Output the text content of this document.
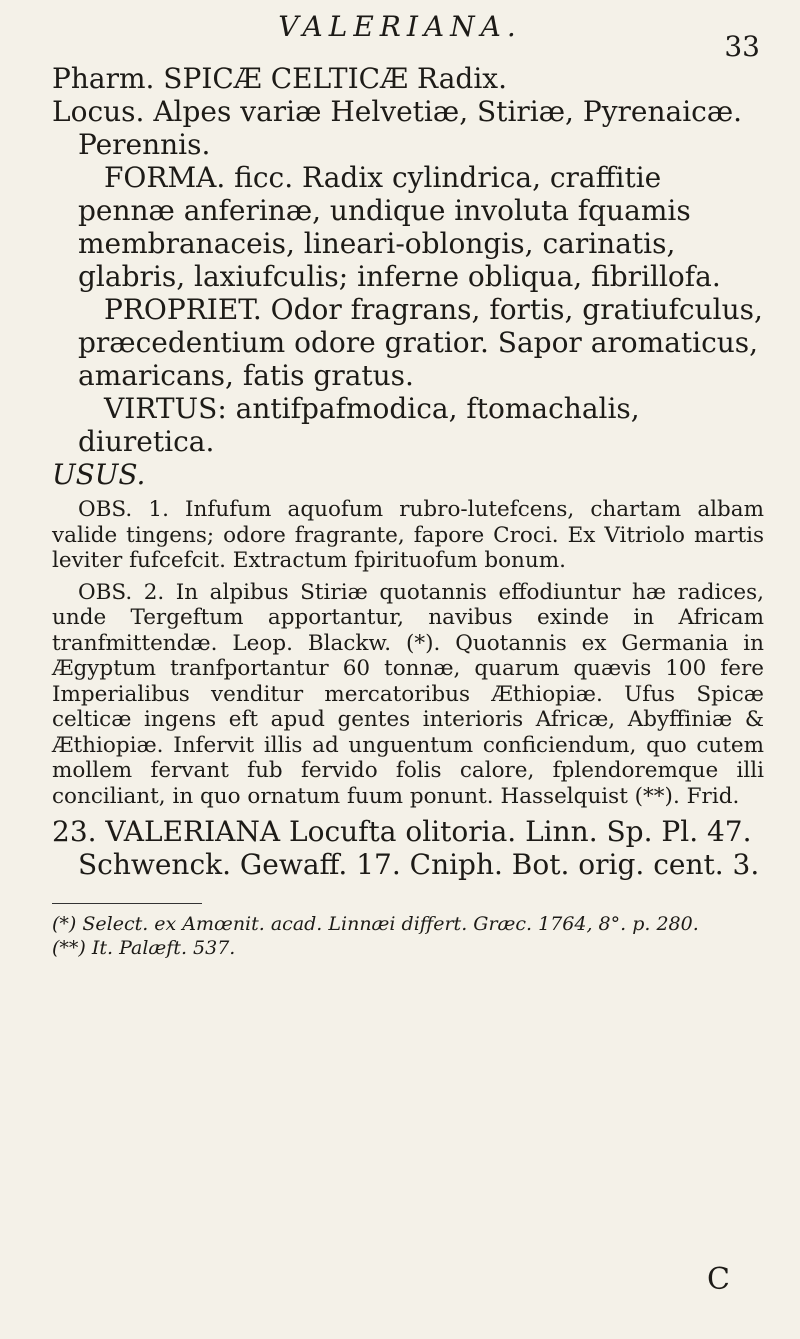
VALERIANA.
33

Pharm. SPICÆ CELTICÆ Radix.

Locus. Alpes variæ Helvetiæ, Stiriæ, Pyrenaicæ. Perennis.

FORMA. ficc. Radix cylindrica, craffitie pennæ anferinæ, undique involuta fquamis membranaceis, lineari-oblongis, carinatis, glabris, laxiufculis; inferne obliqua, fibrillofa.

PROPRIET. Odor fragrans, fortis, gratiufculus, præcedentium odore gratior. Sapor aromaticus, amaricans, fatis gratus.

VIRTUS: antifpafmodica, ftomachalis, diuretica.

USUS.

OBS. 1. Infufum aquofum rubro-lutefcens, chartam albam valide tingens; odore fragrante, fapore Croci. Ex Vitriolo martis leviter fufcefcit. Extractum fpirituofum bonum.

OBS. 2. In alpibus Stiriæ quotannis effodiuntur hæ radices, unde Tergeftum apportantur, navibus exinde in Africam tranfmittendæ. Leop. Blackw. (*). Quotannis ex Germania in Ægyptum tranfportantur 60 tonnæ, quarum quævis 100 fere Imperialibus venditur mercatoribus Æthiopiæ. Ufus Spicæ celticæ ingens eft apud gentes interioris Africæ, Abyffiniæ & Æthiopiæ. Infervit illis ad unguentum conficiendum, quo cutem mollem fervant fub fervido folis calore, fplendoremque illi conciliant, in quo ornatum fuum ponunt. Hasselquist (**). Frid.

23. VALERIANA Locufta olitoria. Linn. Sp. Pl. 47. Schwenck. Gewaff. 17. Cniph. Bot. orig. cent. 3.

(*) Select. ex Amœnit. acad. Linnæi differt. Græc. 1764, 8°. p. 280.

(**) It. Palæft. 537.

C
